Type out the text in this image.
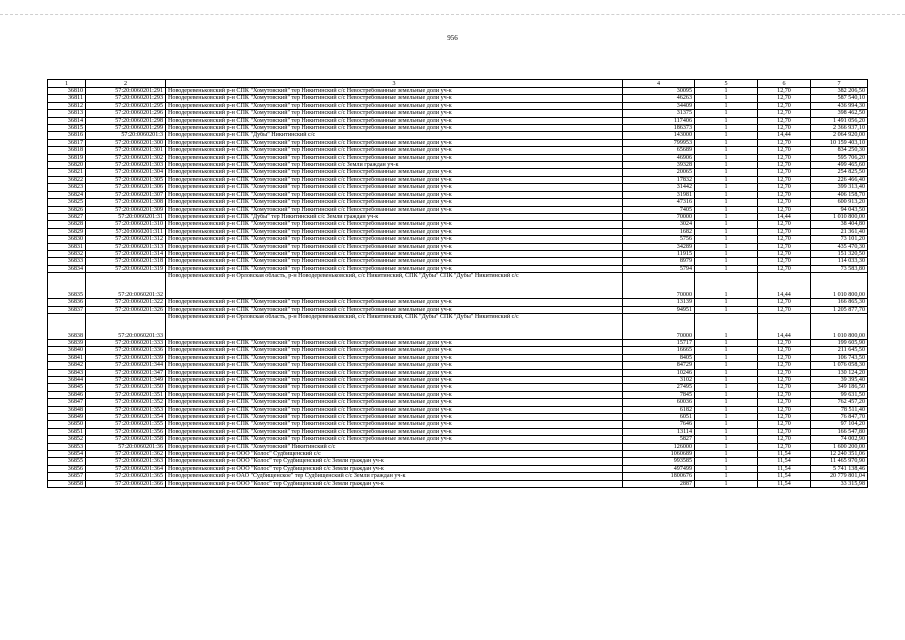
956
1	2	3	4	5	6	7
36810	57:20:0060201:291	Новодеревеньковский р-н СПК "Хомутовский" тер Никитинский с/с Невостребованные земельные доли уч-к	30095	1	12,70	382 206,50
36811	57:20:0060201:293	Новодеревеньковский р-н СПК "Хомутовский" тер Никитинский с/с Невостребованные земельные доли уч-к	46263	1	12,70	587 540,10
36812	57:20:0060201:295	Новодеревеньковский р-н СПК "Хомутовский" тер Никитинский с/с Невостребованные земельные доли уч-к	34409	1	12,70	436 994,30
36813	57:20:0060201:296	Новодеревеньковский р-н СПК "Хомутовский" тер Никитинский с/с Невостребованные земельные доли уч-к	31375	1	12,70	398 462,50
36814	57:20:0060201:298	Новодеревеньковский р-н СПК "Хомутовский" тер Никитинский с/с Невостребованные земельные доли уч-к	117406	1	12,70	1 491 056,20
36815	57:20:0060201:299	Новодеревеньковский р-н СПК "Хомутовский" тер Никитинский с/с Невостребованные земельные доли уч-к	186373	1	12,70	2 366 937,10
36816	57:20:0060201:3	Новодеревеньковский р-н СПК "Дубы" Никитинский с/с	143000	1	14,44	2 064 920,00
36817	57:20:0060201:300	Новодеревеньковский р-н СПК "Хомутовский" тер Никитинский с/с Невостребованные земельные доли уч-к	799953	1	12,70	10 159 403,10
36818	57:20:0060201:301	Новодеревеньковский р-н СПК "Хомутовский" тер Никитинский с/с Невостребованные земельные доли уч-к	65689	1	12,70	834 250,30
36819	57:20:0060201:302	Новодеревеньковский р-н СПК "Хомутовский" тер Никитинский с/с Невостребованные земельные доли уч-к	46906	1	12,70	595 706,20
36820	57:20:0060201:303	Новодеревеньковский р-н СПК "Хомутовский" тер Никитинский с/с Земли граждан уч-к	39328	1	12,70	499 465,60
36821	57:20:0060201:304	Новодеревеньковский р-н СПК "Хомутовский" тер Никитинский с/с Невостребованные земельные доли уч-к	20065	1	12,70	254 825,50
36822	57:20:0060201:305	Новодеревеньковский р-н СПК "Хомутовский" тер Никитинский с/с Невостребованные земельные доли уч-к	17832	1	12,70	226 466,40
36823	57:20:0060201:306	Новодеревеньковский р-н СПК "Хомутовский" тер Никитинский с/с Невостребованные земельные доли уч-к	31442	1	12,70	399 313,40
36824	57:20:0060201:307	Новодеревеньковский р-н СПК "Хомутовский" тер Никитинский с/с Невостребованные земельные доли уч-к	31981	1	12,70	406 158,70
36825	57:20:0060201:308	Новодеревеньковский р-н СПК "Хомутовский" тер Никитинский с/с Невостребованные земельные доли уч-к	47316	1	12,70	600 913,20
36826	57:20:0060201:309	Новодеревеньковский р-н СПК "Хомутовский" тер Никитинский с/с Невостребованные земельные доли уч-к	7405	1	12,70	94 043,50
36827	57:20:0060201:31	Новодеревеньковский р-н СПК "Дубы" тер Никитинский с/с Земли граждан уч-к	70000	1	14,44	1 010 800,00
36828	57:20:0060201:310	Новодеревеньковский р-н СПК "Хомутовский" тер Никитинский с/с Невостребованные земельные доли уч-к	3024	1	12,70	38 404,80
36829	57:20:0060201:311	Новодеревеньковский р-н СПК "Хомутовский" тер Никитинский с/с Невостребованные земельные доли уч-к	1682	1	12,70	21 361,40
36830	57:20:0060201:312	Новодеревеньковский р-н СПК "Хомутовский" тер Никитинский с/с Невостребованные земельные доли уч-к	5756	1	12,70	73 101,20
36831	57:20:0060201:313	Новодеревеньковский р-н СПК "Хомутовский" тер Никитинский с/с Невостребованные земельные доли уч-к	34289	1	12,70	435 470,30
36832	57:20:0060201:314	Новодеревеньковский р-н СПК "Хомутовский" тер Никитинский с/с Невостребованные земельные доли уч-к	11915	1	12,70	151 320,50
36833	57:20:0060201:318	Новодеревеньковский р-н СПК "Хомутовский" тер Никитинский с/с Невостребованные земельные доли уч-к	8979	1	12,70	114 033,30
36834	57:20:0060201:319	Новодеревеньковский р-н СПК "Хомутовский" тер Никитинский с/с Невостребованные земельные доли уч-к	5794	1	12,70	73 583,80
36835	57:20:0060201:32	Новодеревеньковский р-н Орловская область, р-н Новодеревеньковский, с/с Никитинский, СПК "Дубы" СПК "Дубы" Никитинский с/с	70000	1	14,44	1 010 800,00
36836	57:20:0060201:322	Новодеревеньковский р-н СПК "Хомутовский" тер Никитинский с/с Невостребованные земельные доли уч-к	13139	1	12,70	166 865,30
36837	57:20:0060201:326	Новодеревеньковский р-н СПК "Хомутовский" тер Никитинский с/с Невостребованные земельные доли уч-к	94951	1	12,70	1 205 877,70
36838	57:20:0060201:33	Новодеревеньковский р-н Орловская область, р-н Новодеревеньковский, с/с Никитинский, СПК "Дубы" СПК "Дубы" Никитинский с/с	70000	1	14,44	1 010 800,00
36839	57:20:0060201:333	Новодеревеньковский р-н СПК "Хомутовский" тер Никитинский с/с Невостребованные земельные доли уч-к	15717	1	12,70	199 605,90
36840	57:20:0060201:336	Новодеревеньковский р-н СПК "Хомутовский" тер Никитинский с/с Невостребованные земельные доли уч-к	16665	1	12,70	211 645,50
36841	57:20:0060201:339	Новодеревеньковский р-н СПК "Хомутовский" тер Никитинский с/с Невостребованные земельные доли уч-к	8405	1	12,70	106 743,50
36842	57:20:0060201:344	Новодеревеньковский р-н СПК "Хомутовский" тер Никитинский с/с Невостребованные земельные доли уч-к	84729	1	12,70	1 076 058,30
36843	57:20:0060201:347	Новодеревеньковский р-н СПК "Хомутовский" тер Никитинский с/с Невостребованные земельные доли уч-к	10246	1	12,70	130 124,20
36844	57:20:0060201:349	Новодеревеньковский р-н СПК "Хомутовский" тер Никитинский с/с Невостребованные земельные доли уч-к	3102	1	12,70	39 395,40
36845	57:20:0060201:350	Новодеревеньковский р-н СПК "Хомутовский" тер Никитинский с/с Невостребованные земельные доли уч-к	27495	1	12,70	349 186,50
36846	57:20:0060201:351	Новодеревеньковский р-н СПК "Хомутовский" тер Никитинский с/с Невостребованные земельные доли уч-к	7845	1	12,70	99 631,50
36847	57:20:0060201:352	Новодеревеньковский р-н СПК "Хомутовский" тер Никитинский с/с Невостребованные земельные доли уч-к	60036	1	12,70	762 457,20
36848	57:20:0060201:353	Новодеревеньковский р-н СПК "Хомутовский" тер Никитинский с/с Невостребованные земельные доли уч-к	6182	1	12,70	78 511,40
36849	57:20:0060201:354	Новодеревеньковский р-н СПК "Хомутовский" тер Никитинский с/с Невостребованные земельные доли уч-к	6051	1	12,70	76 847,70
36850	57:20:0060201:355	Новодеревеньковский р-н СПК "Хомутовский" тер Никитинский с/с Невостребованные земельные доли уч-к	7646	1	12,70	97 104,20
36851	57:20:0060201:356	Новодеревеньковский р-н СПК "Хомутовский" тер Никитинский с/с Невостребованные земельные доли уч-к	13114	1	12,70	166 547,80
36852	57:20:0060201:358	Новодеревеньковский р-н СПК "Хомутовский" тер Никитинский с/с Невостребованные земельные доли уч-к	5827	1	12,70	74 002,90
36853	57:20:0060201:36	Новодеревеньковский р-н СПК "Хомутовский" Никитинский с/с	126000	1	12,70	1 600 200,00
36854	57:20:0060201:362	Новодеревеньковский р-н ООО "Колос" Судбищенский с/с	1060689	1	11,54	12 240 351,06
36855	57:20:0060201:363	Новодеревеньковский р-н ООО "Колос" тер Судбищенский с/с Земли граждан уч-к	993585	1	11,54	11 465 970,90
36856	57:20:0060201:364	Новодеревеньковский р-н ООО "Колос" тер Судбищенский с/с Земли граждан уч-к	497499	1	11,54	5 741 138,46
36857	57:20:0060201:365	Новодеревеньковский р-н ОАО "Судбищенское" тер Судбищенский с/с Земли граждан уч-к	1800676	1	11,54	20 779 801,04
36858	57:20:0060201:366	Новодеревеньковский р-н ООО "Колос" тер Судбищенский с/с Земли граждан уч-к	2887	1	11,54	33 315,98
